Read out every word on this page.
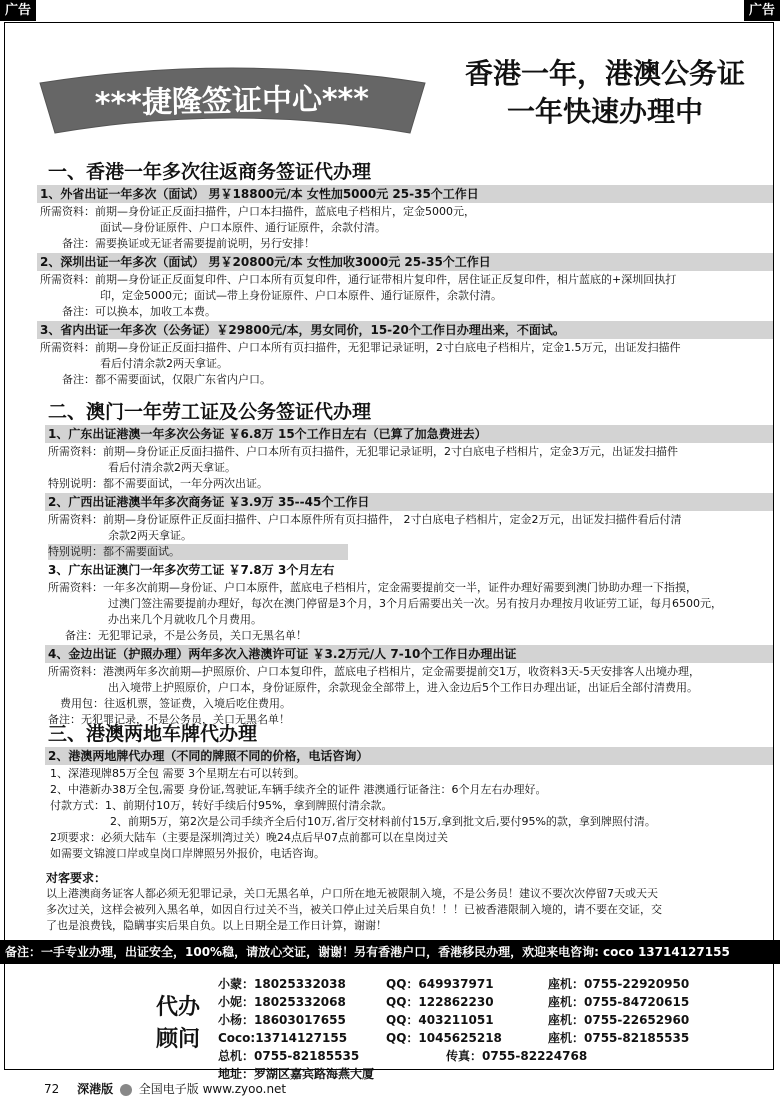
广告	广告
***捷隆签证中心***
香港一年，港澳公务证
一年快速办理中
一、香港一年多次往返商务签证代办理
1、外省出证一年多次（面试） 男￥18800元/本 女性加5000元 25-35个工作日
所需资料：前期—身份证正反面扫描件，户口本扫描件，蓝底电子档相片，定金5000元，
面试—身份证原件、户口本原件、通行证原件，余款付清。
备注：需要换证或无证者需要提前说明，另行安排！
2、深圳出证一年多次（面试） 男￥20800元/本 女性加收3000元 25-35个工作日
所需资料：前期—身份证正反面复印件、户口本所有页复印件，通行证带相片复印件，居住证正反复印件，相片蓝底的+深圳回执打
印，定金5000元；面试—带上身份证原件、户口本原件、通行证原件，余款付清。
备注：可以换本，加收工本费。
3、省内出证一年多次（公务证）￥29800元/本，男女同价，15-20个工作日办理出来，不面试。
所需资料：前期—身份证正反面扫描件、户口本所有页扫描件，无犯罪记录证明，2寸白底电子档相片，定金1.5万元，出证发扫描件
看后付清余款2两天拿证。
备注：都不需要面试，仅限广东省内户口。
二、澳门一年劳工证及公务签证代办理
1、广东出证港澳一年多次公务证 ￥6.8万 15个工作日左右（已算了加急费进去）
所需资料：前期—身份证正反面扫描件、户口本所有页扫描件，无犯罪记录证明，2寸白底电子档相片，定金3万元，出证发扫描件
看后付清余款2两天拿证。
特别说明：都不需要面试，一年分两次出证。
2、广西出证港澳半年多次商务证 ￥3.9万 35--45个工作日
所需资料：前期—身份证原件正反面扫描件、户口本原件所有页扫描件， 2寸白底电子档相片，定金2万元，出证发扫描件看后付清
余款2两天拿证。
特别说明：都不需要面试。
3、广东出证澳门一年多次劳工证 ￥7.8万 3个月左右
所需资料：一年多次前期—身份证、户口本原件，蓝底电子档相片，定金需要提前交一半，证件办理好需要到澳门协助办理一下指摸，
过澳门签注需要提前办理好，每次在澳门停留是3个月，3个月后需要出关一次。另有按月办理按月收证劳工证，每月6500元，
办出来几个月就收几个月费用。
备注：无犯罪记录，不是公务员，关口无黑名单！
4、金边出证（护照办理）两年多次入港澳许可证 ￥3.2万元/人 7-10个工作日办理出证
所需资料：港澳两年多次前期—护照原价、户口本复印件，蓝底电子档相片，定金需要提前交1万，收资料3天-5天安排客人出境办理，
出入境带上护照原价，户口本，身份证原件，余款现金全部带上，进入金边后5个工作日办理出证，出证后全部付清费用。
费用包：往返机票，签证费，入境后吃住费用。
备注：无犯罪记录，不是公务员，关口无黑名单！
三、港澳两地车牌代办理
2、港澳两地牌代办理（不同的牌照不同的价格，电话咨询）
1、深港现牌85万全包 需要 3个星期左右可以转到。
2、中港新办38万全包,需要 身份证,驾驶证,车辆手续齐全的证件 港澳通行证备注：6个月左右办理好。
付款方式：1、前期付10万，转好手续后付95%，拿到牌照付清余款。
2、前期5万，第2次是公司手续齐全后付10万,省厅交材料前付15万,拿到批文后,要付95%的款，拿到牌照付清。
2项要求：必须大陆车（主要是深圳湾过关）晚24点后早07点前都可以在皇岗过关
如需要文锦渡口岸或皇岗口岸牌照另外报价，电话咨询。
对客要求：
以上港澳商务证客人都必须无犯罪记录，关口无黑名单，户口所在地无被限制入境，不是公务员！建议不要次次停留7天或天天
多次过关，这样会被列入黑名单，如因自行过关不当，被关口停止过关后果自负！！！已被香港限制入境的，请不要在交证，交
了也是浪费钱，隐瞒事实后果自负。以上日期全是工作日计算，谢谢！
备注：一手专业办理，出证安全，100%稳，请放心交证，谢谢！另有香港户口，香港移民办理，欢迎来电咨询: coco 13714127155
代办
顾问
小蒙：18025332038	QQ：649937971	座机：0755-22920950
小妮：18025332068	QQ：122862230	座机：0755-84720615
小杨：18603017655	QQ：403211051	座机：0755-22652960
Coco:13714127155	QQ：1045625218	座机：0755-82185535
总机：0755-82185535	传真：0755-82224768
地址：罗湖区嘉宾路海燕大厦
72 深港版 全国电子版 www.zyoo.net
